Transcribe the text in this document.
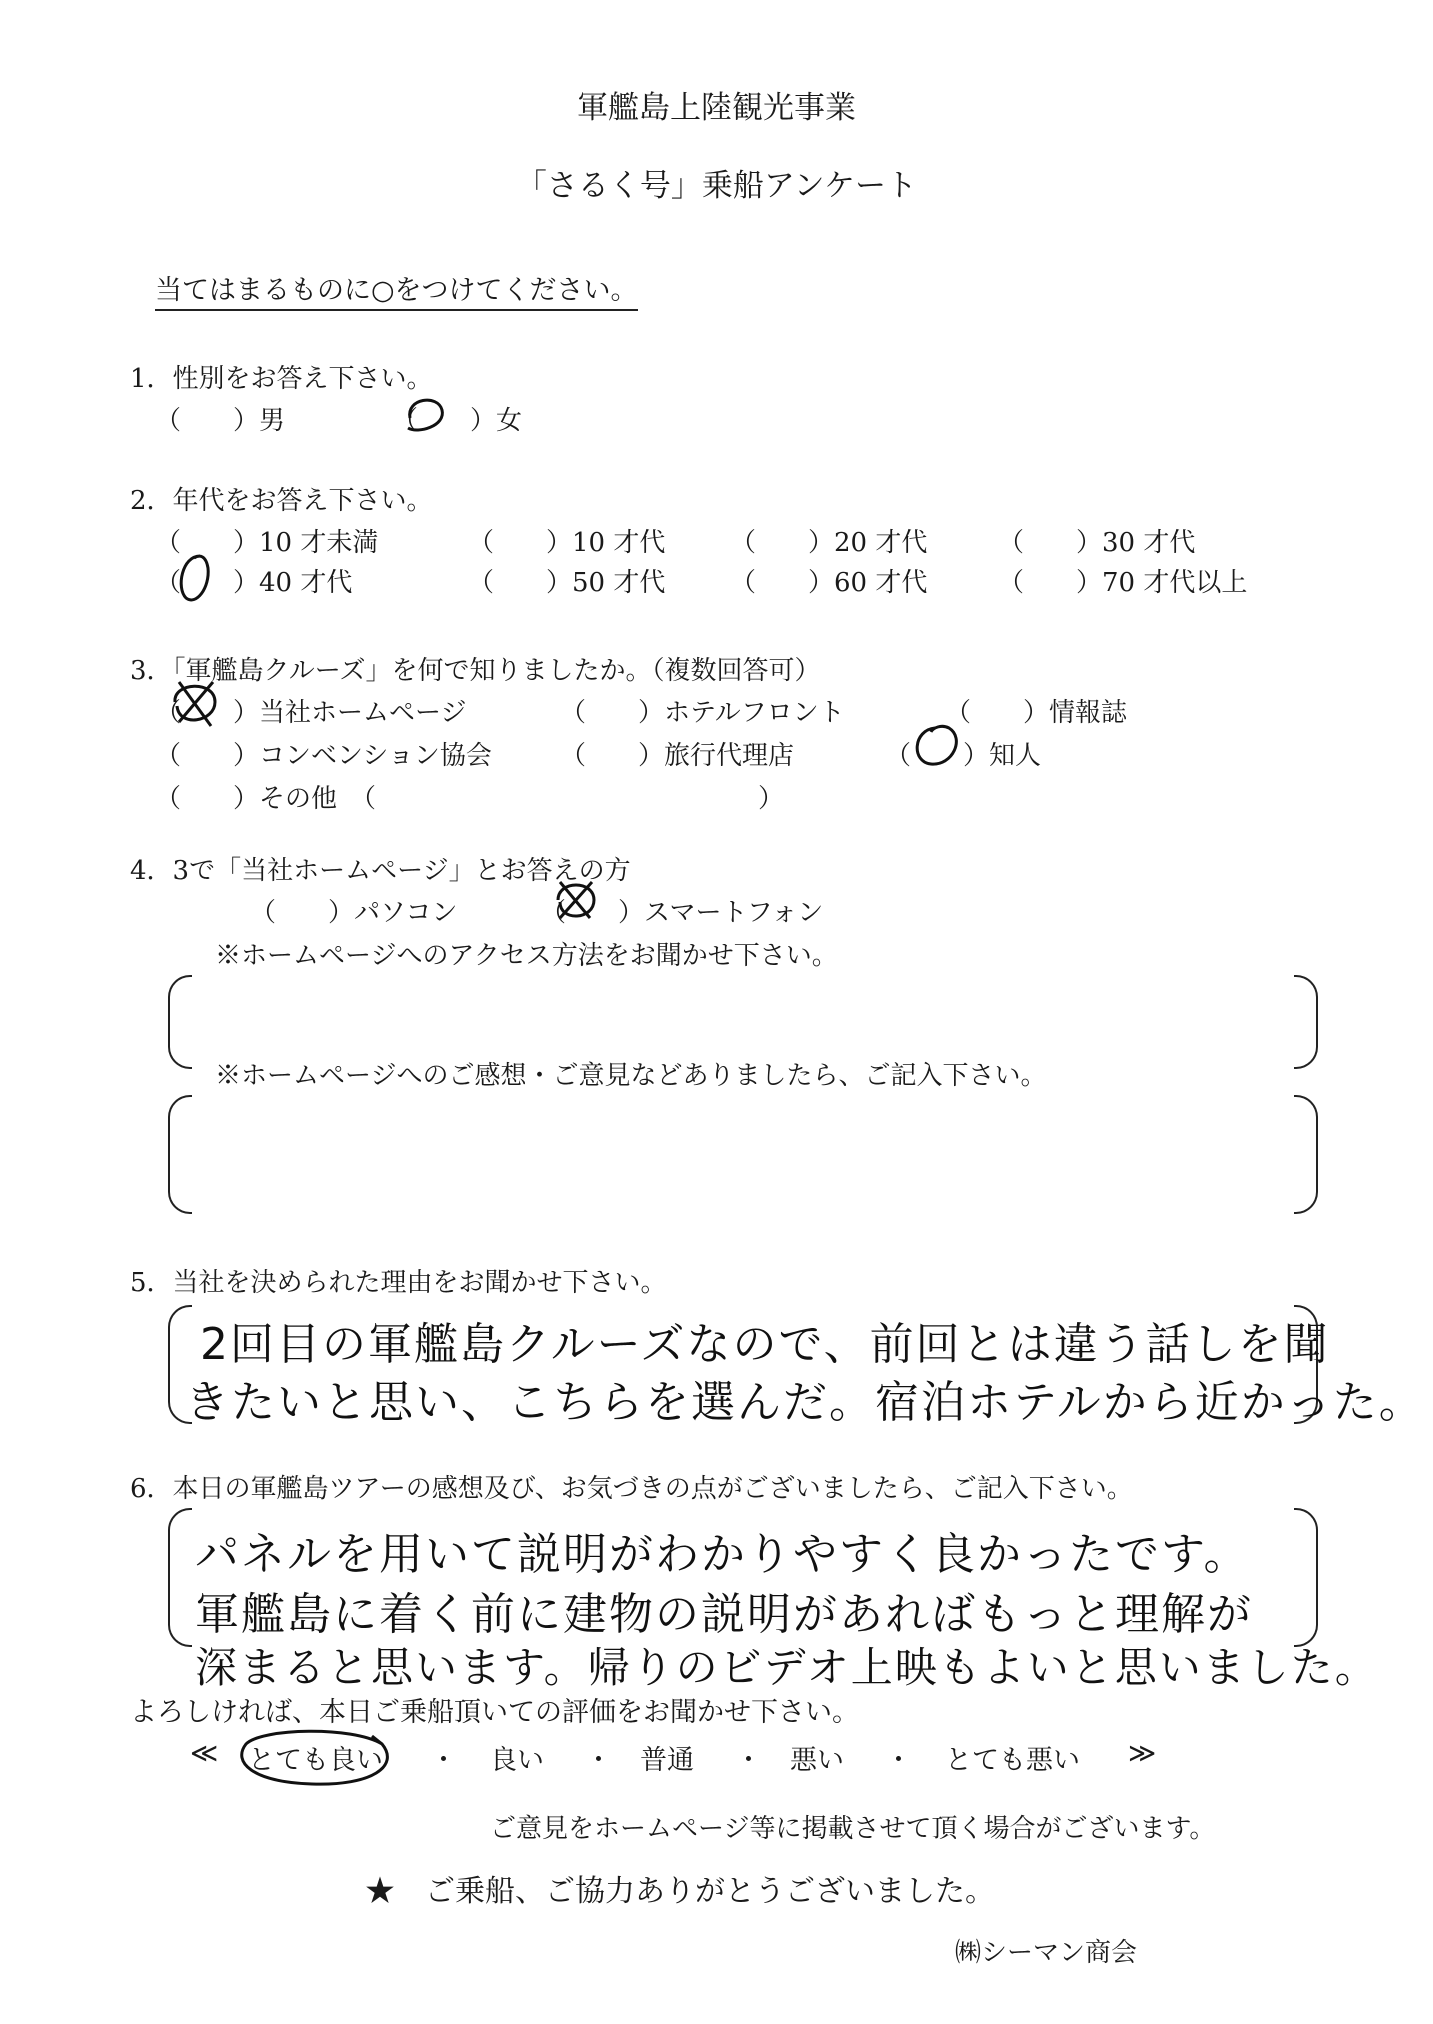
軍艦島上陸観光事業
「さるく号」乗船アンケート
当てはまるものに○をつけてください。
1．性別をお答え下さい。
（　　）男	（　　）女
2．年代をお答え下さい。
（　　）10 才未満	（　　）10 才代 （　　）20 才代	（　　）30 才代
（　　）40 才代	（　　）50 才代 （　　）60 才代	（　　）70 才代以上
3．「軍艦島クルーズ」を何で知りましたか。（複数回答可）
（　　）当社ホームページ	（　　）ホテルフロント	（　　）情報誌
（　　）コンベンション協会	（　　）旅行代理店	（　　）知人
（　　）その他　（	）
4．3で「当社ホームページ」とお答えの方
（　　）パソコン	（　　）スマートフォン
※ホームページへのアクセス方法をお聞かせ下さい。
※ホームページへのご感想・ご意見などありましたら、ご記入下さい。
5．当社を決められた理由をお聞かせ下さい。
2回目の軍艦島クルーズなので、前回とは違う話しを聞
きたいと思い、こちらを選んだ。宿泊ホテルから近かった。
6．本日の軍艦島ツアーの感想及び、お気づきの点がございましたら、ご記入下さい。
パネルを用いて説明がわかりやすく良かったです。
軍艦島に着く前に建物の説明があればもっと理解が
深まると思います。帰りのビデオ上映もよいと思いました。
よろしければ、本日ご乗船頂いての評価をお聞かせ下さい。
≪ とても良い ・ 良い ・ 普通 ・ 悪い ・ とても悪い ≫
ご意見をホームページ等に掲載させて頂く場合がございます。
★　ご乗船、ご協力ありがとうございました。
㈱シーマン商会
